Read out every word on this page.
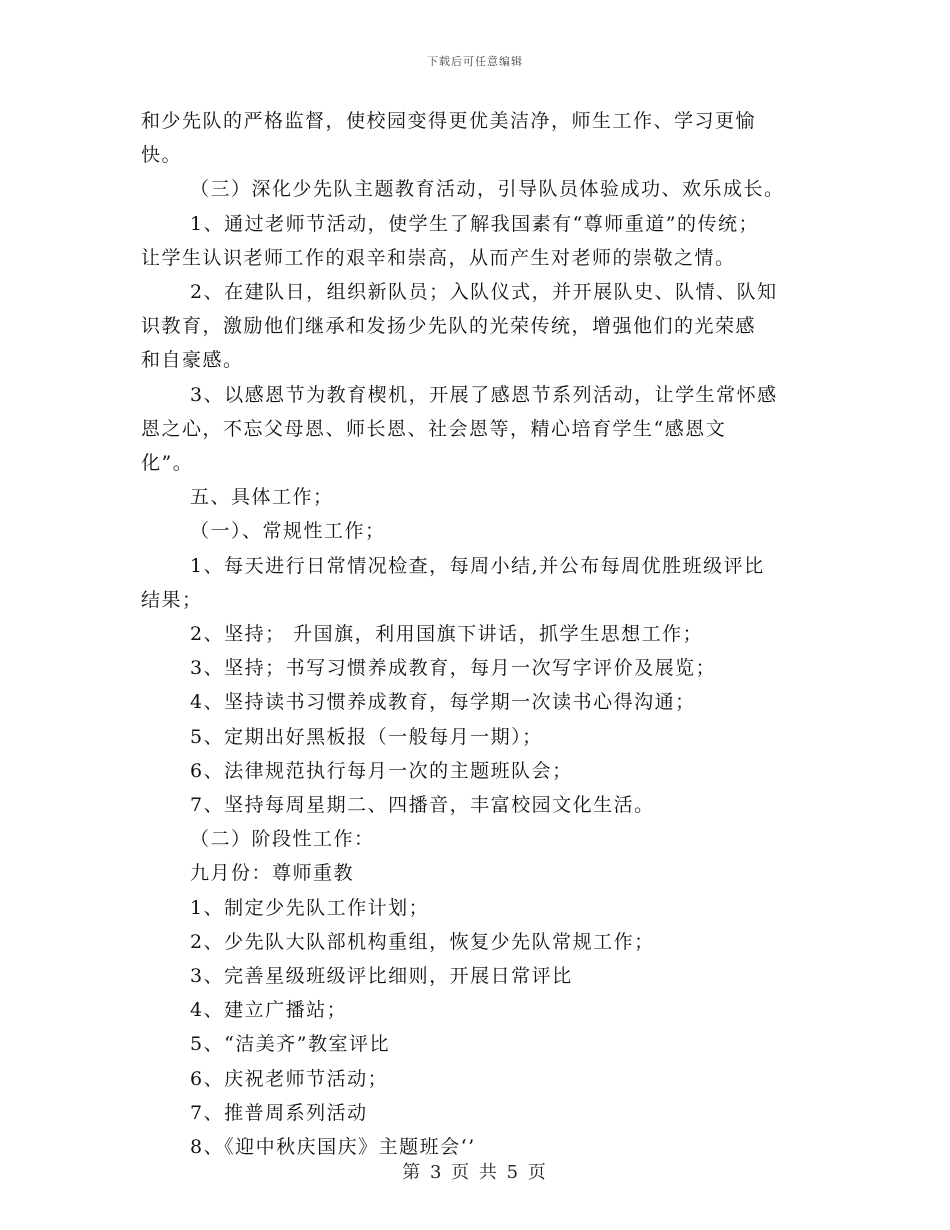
下载后可任意编辑

和少先队的严格监督，使校园变得更优美洁净，师生工作、学习更愉

快。

（三）深化少先队主题教育活动，引导队员体验成功、欢乐成长。

1、通过老师节活动，使学生了解我国素有“尊师重道”的传统；

让学生认识老师工作的艰辛和崇高，从而产生对老师的崇敬之情。

2、在建队日，组织新队员；入队仪式，并开展队史、队情、队知

识教育，激励他们继承和发扬少先队的光荣传统，增强他们的光荣感

和自豪感。

3、以感恩节为教育楔机，开展了感恩节系列活动，让学生常怀感

恩之心，不忘父母恩、师长恩、社会恩等，精心培育学生“感恩文

化”。

五、具体工作；

（一）、常规性工作；

1、每天进行日常情况检查，每周小结,并公布每周优胜班级评比

结果；

2、坚持； 升国旗，利用国旗下讲话，抓学生思想工作；

3、坚持；书写习惯养成教育，每月一次写字评价及展览；

4、坚持读书习惯养成教育，每学期一次读书心得沟通；

5、定期出好黑板报（一般每月一期）；

6、法律规范执行每月一次的主题班队会；

7、坚持每周星期二、四播音，丰富校园文化生活。

（二）阶段性工作：

九月份：尊师重教

1、制定少先队工作计划；

2、少先队大队部机构重组，恢复少先队常规工作；

3、完善星级班级评比细则，开展日常评比

4、建立广播站；

5、“洁美齐”教室评比

6、庆祝老师节活动；

7、推普周系列活动

8、《迎中秋庆国庆》主题班会‘’

第 3 页 共 5 页
